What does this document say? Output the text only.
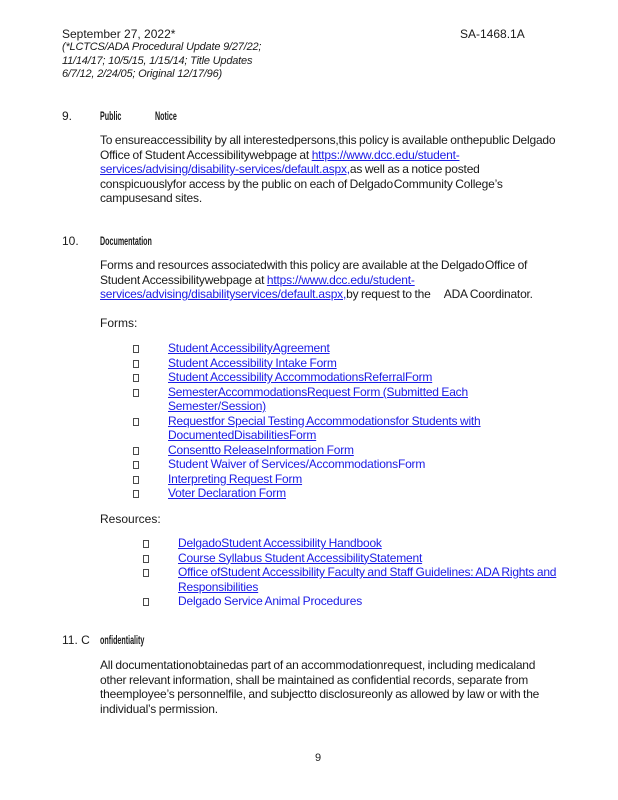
September 27, 2022*	SA-1468.1A
(*LCTCS/ADA Procedural Update 9/27/22;
11/14/17; 10/5/15, 1/15/14; Title Updates
6/7/12, 2/24/05; Original 12/17/96)
9.	Public	Notice
To ensureaccessibility by all interestedpersons,this policy is available onthepublic Delgado Office of Student Accessibilitywebpage at https://www.dcc.edu/student-services/advising/disability-services/default.aspx,as well as a notice posted conspicuouslyfor access by the public on each of Delgado Community College’s campusesand sites.
10.	Documentation
Forms and resources associatedwith this policy are available at the Delgado Office of Student Accessibilitywebpage at https://www.dcc.edu/student-services/advising/disabilityservices/default.aspx,by request to the     ADA Coordinator.
Forms:
Student AccessibilityAgreement
Student Accessibility Intake Form
Student Accessibility AccommodationsReferralForm
SemesterAccommodationsRequest Form (Submitted Each Semester/Session)
Requestfor Special Testing Accommodationsfor Students with DocumentedDisabilitiesForm
Consentto ReleaseInformation Form
Student Waiver of Services/AccommodationsForm
Interpreting Request Form
Voter Declaration Form
Resources:
DelgadoStudent Accessibility Handbook
Course Syllabus Student AccessibilityStatement
Office ofStudent Accessibility Faculty and Staff Guidelines: ADA Rights and Responsibilities
Delgado Service Animal Procedures
11. C onfidentiality
All documentationobtainedas part of an accommodationrequest, including medicaland other relevant information, shall be maintained as confidential records, separate from theemployee’s personnelfile, and subjectto disclosureonly as allowed by law or with the individual’s permission.
9
